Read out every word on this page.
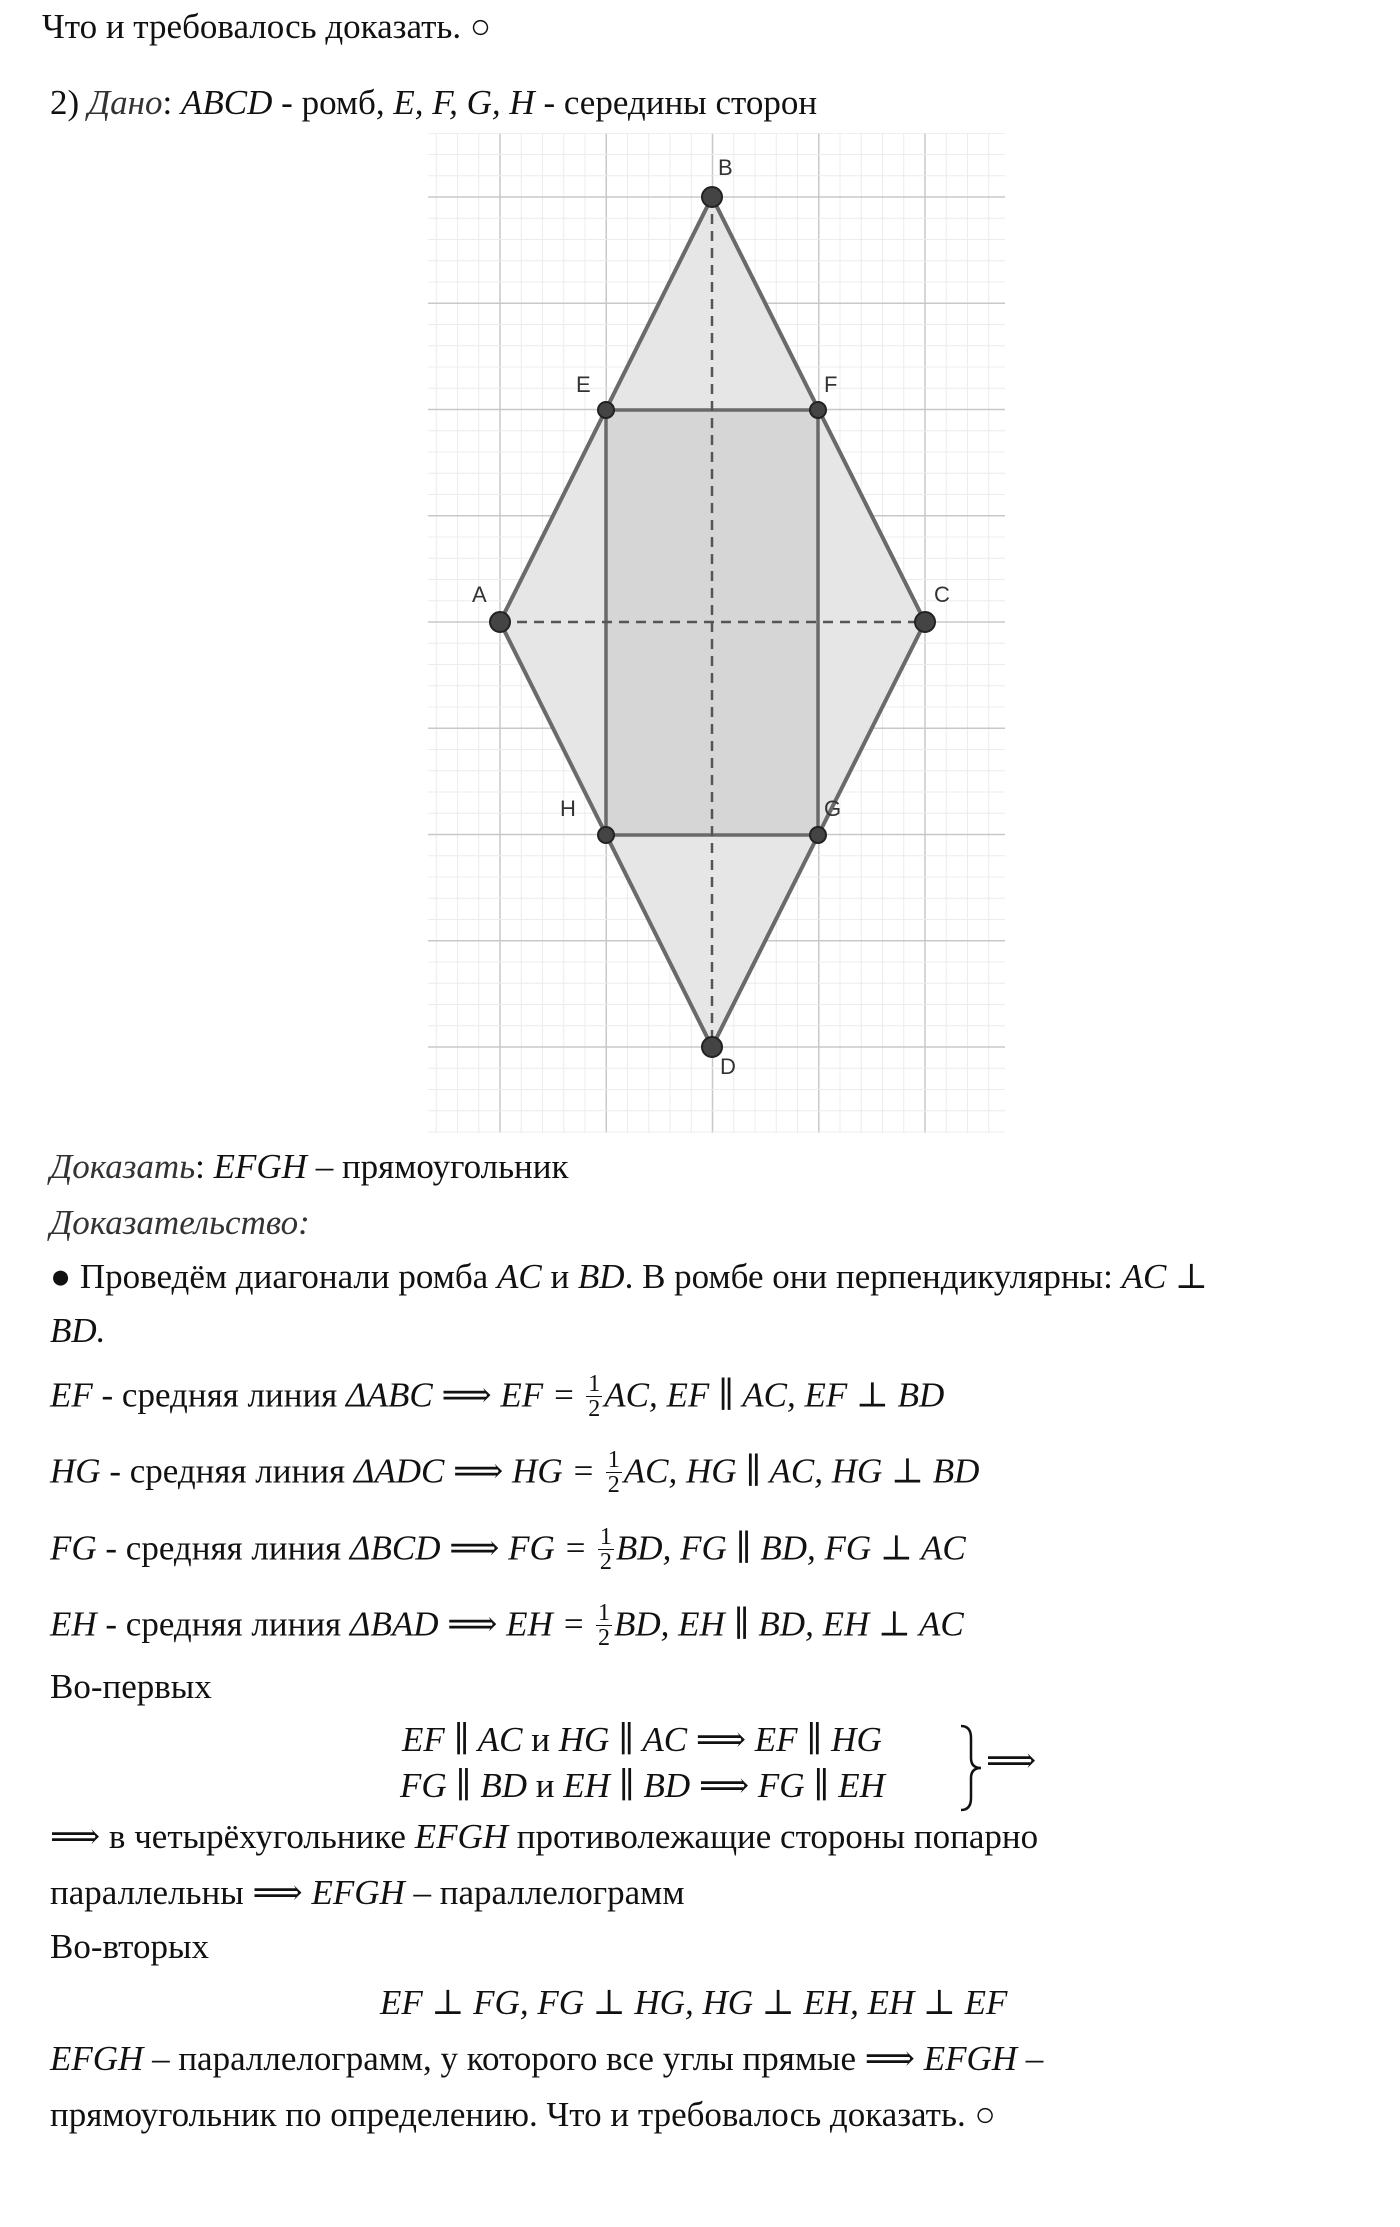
Что и требовалось доказать. ○
2) Дано: ABCD - ромб, E, F, G, H - середины сторон
A
B
C
D
E	F
G
H
Доказать: EFGH – прямоугольник
Доказательство:
● Проведём диагонали ромба AC и BD. В ромбе они перпендикулярны: AC ⊥
BD.
EF - средняя линия ΔABC ⟹ EF = $\frac{1}{2}$ AC, EF ∥ AC, EF ⊥ BD
HG - средняя линия ΔADC ⟹ HG = $\frac{1}{2}$ AC, HG ∥ AC, HG ⊥ BD
FG - средняя линия ΔBCD ⟹ FG = $\frac{1}{2}$ BD, FG ∥ BD, FG ⊥ AC
EH - средняя линия ΔBAD ⟹ EH = $\frac{1}{2}$ BD, EH ∥ BD, EH ⊥ AC
Во-первых
EF ∥ AC и HG ∥ AC ⟹ EF ∥ HG
FG ∥ BD и EH ∥ BD ⟹ FG ∥ EH
⟹
⟹ в четырёхугольнике EFGH противолежащие стороны попарно
параллельны ⟹ EFGH – параллелограмм
Во-вторых
EF ⊥ FG, FG ⊥ HG, HG ⊥ EH, EH ⊥ EF
EFGH – параллелограмм, у которого все углы прямые ⟹ EFGH –
прямоугольник по определению. Что и требовалось доказать. ○
